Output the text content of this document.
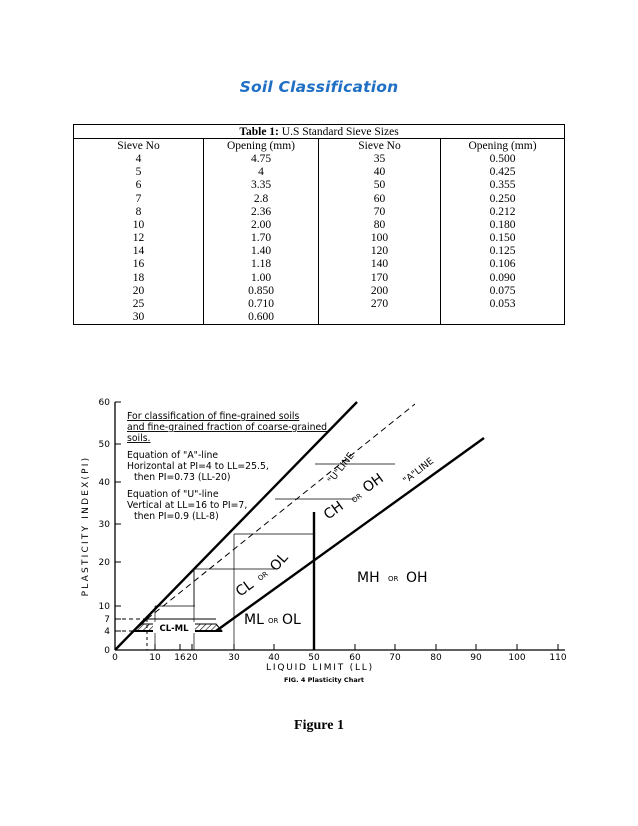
Soil Classification
Table 1: U.S Standard Sieve Sizes			
Sieve No	Opening (mm)	Sieve No	Opening (mm)
4	4.75	35	0.500
5	4	40	0.425
6	3.35	50	0.355
7	2.8	60	0.250
8	2.36	70	0.212
10	2.00	80	0.180
12	1.70	100	0.150
14	1.40	120	0.125
16	1.18	140	0.106
18	1.00	170	0.090
20	0.850	200	0.075
25	0.710	270	0.053
30	0.600		
60
50
40
30
20
10
7
4
0
0	10 16 20	30	40	50	60	70	80	90	100	110
PLASTICITY INDEX(PI)
LIQUID LIMIT (LL)
FIG. 4 Plasticity Chart
For classification of fine-grained soils
and fine-grained fraction of coarse-grained
soils.
Equation of "A"-line
Horizontal at PI=4 to LL=25.5,
then PI=0.73 (LL-20)
Equation of "U"-line
Vertical at LL=16 to PI=7,
then PI=0.9 (LL-8)
"U"LINE	"A"LINE
CH
OR
OH
CL
OR
OL
MH OR OH
ML OR OL
CL-ML
Figure 1
